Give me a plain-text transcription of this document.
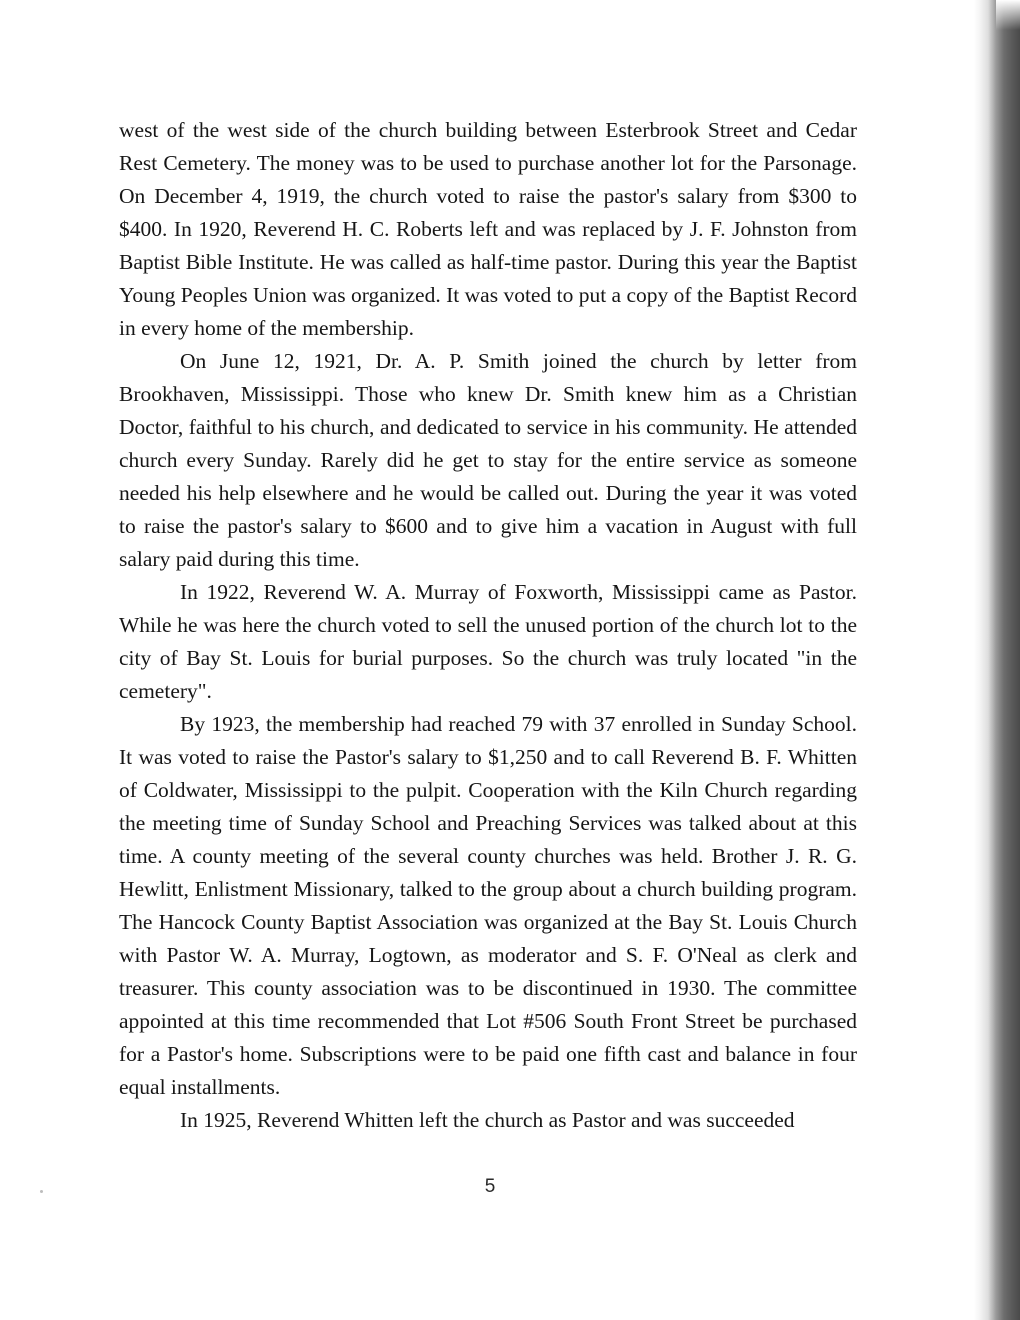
west of the west side of the church building between Esterbrook Street and Cedar Rest Cemetery. The money was to be used to purchase another lot for the Parsonage. On December 4, 1919, the church voted to raise the pastor's salary from $300 to $400. In 1920, Reverend H. C. Roberts left and was replaced by J. F. Johnston from Baptist Bible Institute. He was called as half-time pastor. During this year the Baptist Young Peoples Union was organized. It was voted to put a copy of the Baptist Record in every home of the membership.

On June 12, 1921, Dr. A. P. Smith joined the church by letter from Brookhaven, Mississippi. Those who knew Dr. Smith knew him as a Christian Doctor, faithful to his church, and dedicated to service in his community. He attended church every Sunday. Rarely did he get to stay for the entire service as someone needed his help elsewhere and he would be called out. During the year it was voted to raise the pastor's salary to $600 and to give him a vacation in August with full salary paid during this time.

In 1922, Reverend W. A. Murray of Foxworth, Mississippi came as Pastor. While he was here the church voted to sell the unused portion of the church lot to the city of Bay St. Louis for burial purposes. So the church was truly located "in the cemetery".

By 1923, the membership had reached 79 with 37 enrolled in Sunday School. It was voted to raise the Pastor's salary to $1,250 and to call Reverend B. F. Whitten of Coldwater, Mississippi to the pulpit. Cooperation with the Kiln Church regarding the meeting time of Sunday School and Preaching Services was talked about at this time. A county meeting of the several county churches was held. Brother J. R. G. Hewlitt, Enlistment Missionary, talked to the group about a church building program. The Hancock County Baptist Association was organized at the Bay St. Louis Church with Pastor W. A. Murray, Logtown, as moderator and S. F. O'Neal as clerk and treasurer. This county association was to be discontinued in 1930. The committee appointed at this time recommended that Lot #506 South Front Street be purchased for a Pastor's home. Subscriptions were to be paid one fifth cast and balance in four equal installments.

In 1925, Reverend Whitten left the church as Pastor and was succeeded

5
